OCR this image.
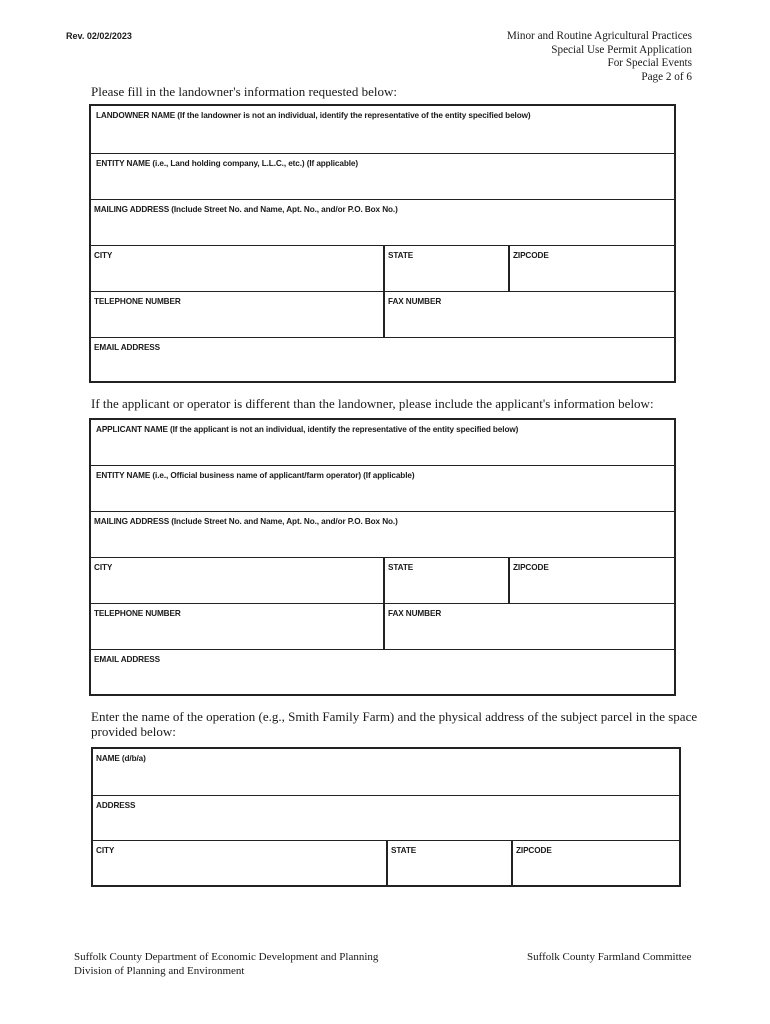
Rev. 02/02/2023	Minor and Routine Agricultural Practices
Special Use Permit Application
For Special Events
Page 2 of 6
Please fill in the landowner's information requested below:
LANDOWNER NAME (If the landowner is not an individual, identify the representative of the entity specified below)
ENTITY NAME (i.e., Land holding company, L.L.C., etc.) (If applicable)
MAILING ADDRESS (Include Street No. and Name, Apt. No., and/or P.O. Box No.)
CITY	STATE	ZIPCODE
TELEPHONE NUMBER	FAX NUMBER
EMAIL ADDRESS
If the applicant or operator is different than the landowner, please include the applicant's information below:
APPLICANT NAME (If the applicant is not an individual, identify the representative of the entity specified below)
ENTITY NAME (i.e., Official business name of applicant/farm operator) (If applicable)
MAILING ADDRESS (Include Street No. and Name, Apt. No., and/or P.O. Box No.)
CITY	STATE	ZIPCODE
TELEPHONE NUMBER	FAX NUMBER
EMAIL ADDRESS
Enter the name of the operation (e.g., Smith Family Farm) and the physical address of the subject parcel in the space
provided below:
NAME (d/b/a)
ADDRESS
CITY	STATE	ZIPCODE
Suffolk County Department of Economic Development and Planning
Division of Planning and Environment
Suffolk County Farmland Committee
